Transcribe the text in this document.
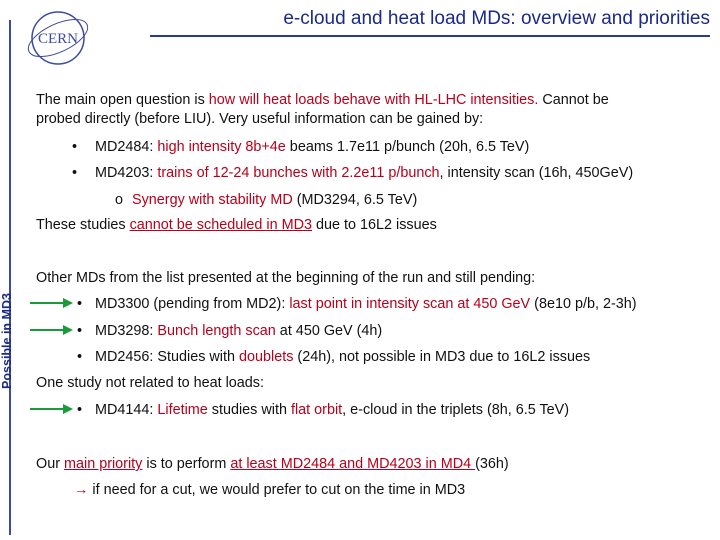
CERN
e-cloud and heat load MDs: overview and priorities
The main open question is how will heat loads behave with HL-LHC intensities. Cannot be
probed directly (before LIU). Very useful information can be gained by:
• MD2484: high intensity 8b+4e beams 1.7e11 p/bunch (20h, 6.5 TeV)
• MD4203: trains of 12-24 bunches with 2.2e11 p/bunch, intensity scan (16h, 450GeV)
o Synergy with stability MD (MD3294, 6.5 TeV)
These studies cannot be scheduled in MD3 due to 16L2 issues
Possible in MD3
Other MDs from the list presented at the beginning of the run and still pending:
• MD3300 (pending from MD2): last point in intensity scan at 450 GeV (8e10 p/b, 2-3h)
• MD3298: Bunch length scan at 450 GeV (4h)
• MD2456: Studies with doublets (24h), not possible in MD3 due to 16L2 issues
One study not related to heat loads:
• MD4144: Lifetime studies with flat orbit, e-cloud in the triplets (8h, 6.5 TeV)
Our main priority is to perform at least MD2484 and MD4203 in MD4 (36h)
→ if need for a cut, we would prefer to cut on the time in MD3
